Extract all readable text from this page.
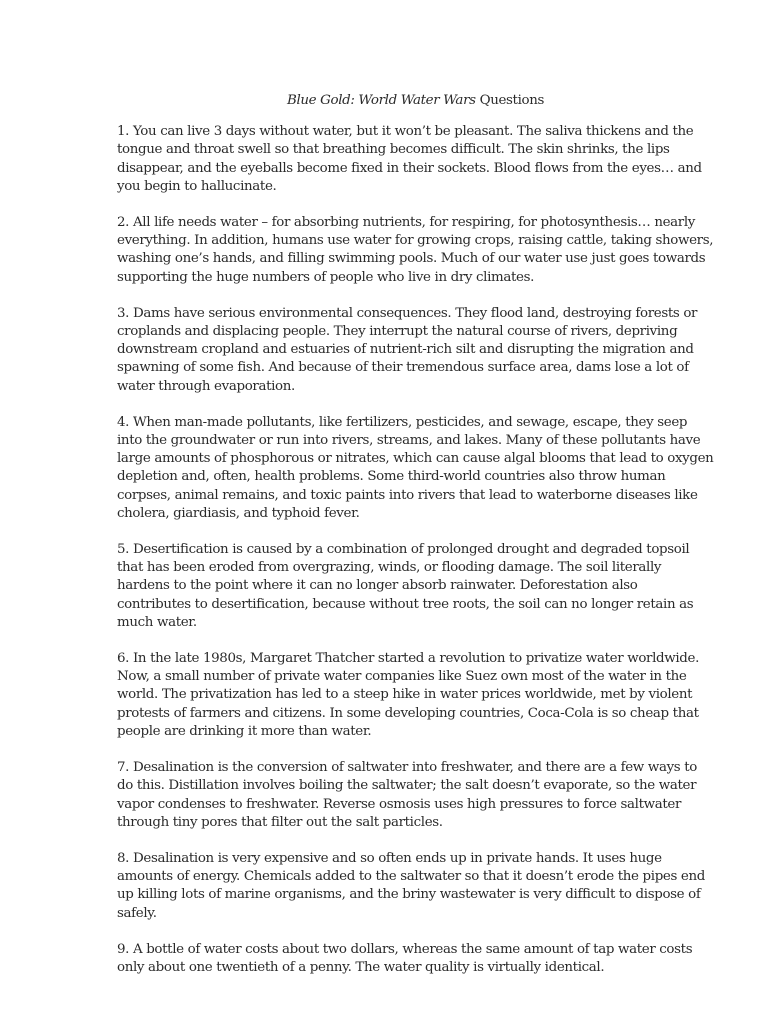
Blue Gold: World Water Wars Questions

1. You can live 3 days without water, but it won’t be pleasant. The saliva thickens and the tongue and throat swell so that breathing becomes difficult. The skin shrinks, the lips disappear, and the eyeballs become fixed in their sockets. Blood flows from the eyes… and you begin to hallucinate.

2. All life needs water – for absorbing nutrients, for respiring, for photosynthesis… nearly everything. In addition, humans use water for growing crops, raising cattle, taking showers, washing one’s hands, and filling swimming pools. Much of our water use just goes towards supporting the huge numbers of people who live in dry climates.

3. Dams have serious environmental consequences. They flood land, destroying forests or croplands and displacing people. They interrupt the natural course of rivers, depriving downstream cropland and estuaries of nutrient-rich silt and disrupting the migration and spawning of some fish. And because of their tremendous surface area, dams lose a lot of water through evaporation.

4. When man-made pollutants, like fertilizers, pesticides, and sewage, escape, they seep into the groundwater or run into rivers, streams, and lakes. Many of these pollutants have large amounts of phosphorous or nitrates, which can cause algal blooms that lead to oxygen depletion and, often, health problems. Some third-world countries also throw human corpses, animal remains, and toxic paints into rivers that lead to waterborne diseases like cholera, giardiasis, and typhoid fever.

5. Desertification is caused by a combination of prolonged drought and degraded topsoil that has been eroded from overgrazing, winds, or flooding damage. The soil literally hardens to the point where it can no longer absorb rainwater. Deforestation also contributes to desertification, because without tree roots, the soil can no longer retain as much water.

6. In the late 1980s, Margaret Thatcher started a revolution to privatize water worldwide. Now, a small number of private water companies like Suez own most of the water in the world. The privatization has led to a steep hike in water prices worldwide, met by violent protests of farmers and citizens. In some developing countries, Coca-Cola is so cheap that people are drinking it more than water.

7. Desalination is the conversion of saltwater into freshwater, and there are a few ways to do this. Distillation involves boiling the saltwater; the salt doesn’t evaporate, so the water vapor condenses to freshwater. Reverse osmosis uses high pressures to force saltwater through tiny pores that filter out the salt particles.

8. Desalination is very expensive and so often ends up in private hands. It uses huge amounts of energy. Chemicals added to the saltwater so that it doesn’t erode the pipes end up killing lots of marine organisms, and the briny wastewater is very difficult to dispose of safely.

9. A bottle of water costs about two dollars, whereas the same amount of tap water costs only about one twentieth of a penny. The water quality is virtually identical.
